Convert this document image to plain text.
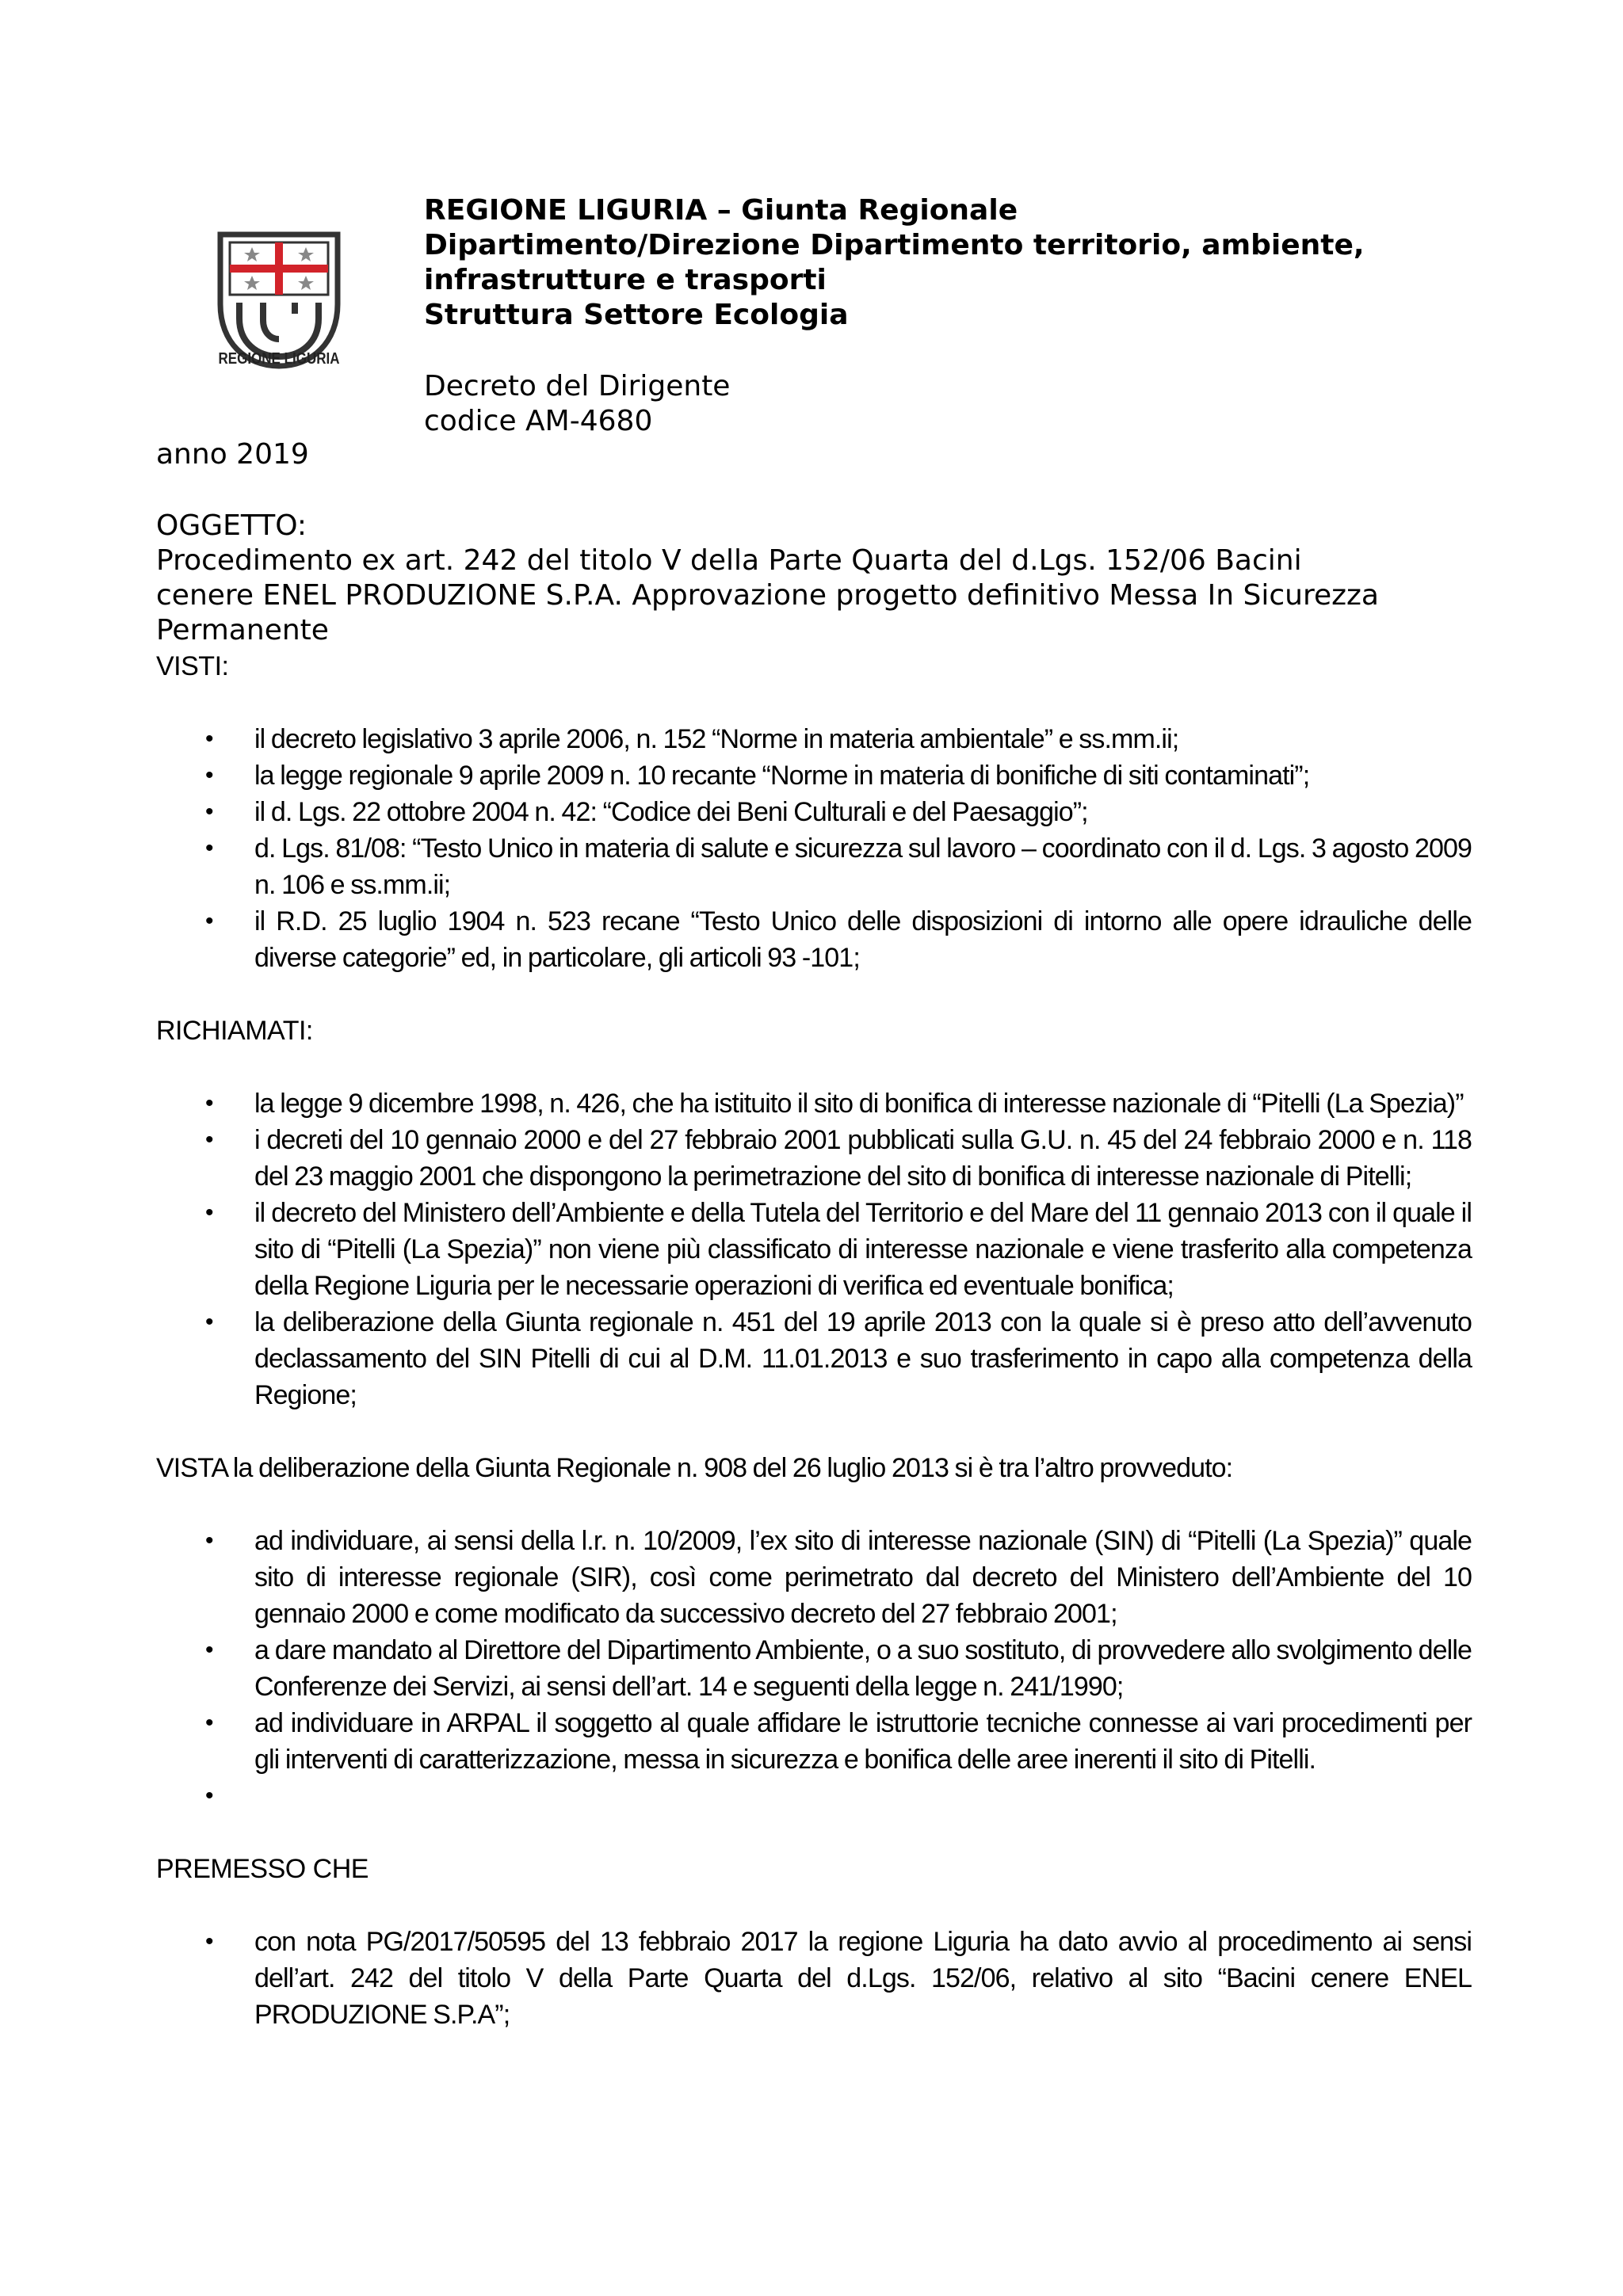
REGIONE LIGURIA
REGIONE LIGURIA – Giunta Regionale
Dipartimento/Direzione Dipartimento territorio, ambiente,
infrastrutture e trasporti
Struttura Settore Ecologia
Decreto del Dirigente
codice AM-4680
anno 2019
OGGETTO:
Procedimento ex art. 242 del titolo V della Parte Quarta del d.Lgs. 152/06 Bacini
cenere ENEL PRODUZIONE S.P.A. Approvazione progetto definitivo Messa In Sicurezza
Permanente

VISTI:

• il decreto legislativo 3 aprile 2006, n. 152 “Norme in materia ambientale” e ss.mm.ii;
• la legge regionale 9 aprile 2009 n. 10 recante “Norme in materia di bonifiche di siti contaminati”;
• il d. Lgs. 22 ottobre 2004 n. 42: “Codice dei Beni Culturali e del Paesaggio”;
• d. Lgs. 81/08: “Testo Unico in materia di salute e sicurezza sul lavoro – coordinato con il d. Lgs. 3 agosto 2009 n. 106 e ss.mm.ii;
• il R.D. 25 luglio 1904 n. 523 recane “Testo Unico delle disposizioni di intorno alle opere idrauliche delle diverse categorie” ed, in particolare, gli articoli 93 -101;

RICHIAMATI:

• la legge 9 dicembre 1998, n. 426, che ha istituito il sito di bonifica di interesse nazionale di “Pitelli (La Spezia)”
• i decreti del 10 gennaio 2000 e del 27 febbraio 2001 pubblicati sulla G.U. n. 45 del 24 febbraio 2000 e n. 118 del 23 maggio 2001 che dispongono la perimetrazione del sito di bonifica di interesse nazionale di Pitelli;
• il decreto del Ministero dell’Ambiente e della Tutela del Territorio e del Mare del 11 gennaio 2013 con il quale il sito di “Pitelli (La Spezia)” non viene più classificato di interesse nazionale e viene trasferito alla competenza della Regione Liguria per le necessarie operazioni di verifica ed eventuale bonifica;
• la deliberazione della Giunta regionale n. 451 del 19 aprile 2013 con la quale si è preso atto dell’avvenuto declassamento del SIN Pitelli di cui al D.M. 11.01.2013 e suo trasferimento in capo alla competenza della Regione;

VISTA la deliberazione della Giunta Regionale n. 908 del 26 luglio 2013 si è tra l’altro provveduto:

• ad individuare, ai sensi della l.r. n. 10/2009, l’ex sito di interesse nazionale (SIN) di “Pitelli (La Spezia)” quale sito di interesse regionale (SIR), così come perimetrato dal decreto del Ministero dell’Ambiente del 10 gennaio 2000 e come modificato da successivo decreto del 27 febbraio 2001;
• a dare mandato al Direttore del Dipartimento Ambiente, o a suo sostituto, di provvedere allo svolgimento delle Conferenze dei Servizi, ai sensi dell’art. 14 e seguenti della legge n. 241/1990;
• ad individuare in ARPAL il soggetto al quale affidare le istruttorie tecniche connesse ai vari procedimenti per gli interventi di caratterizzazione, messa in sicurezza e bonifica delle aree inerenti il sito di Pitelli.
•

PREMESSO CHE

• con nota PG/2017/50595 del 13 febbraio 2017 la regione Liguria ha dato avvio al procedimento ai sensi dell’art. 242 del titolo V della Parte Quarta del d.Lgs. 152/06, relativo al sito “Bacini cenere ENEL PRODUZIONE S.P.A”;
